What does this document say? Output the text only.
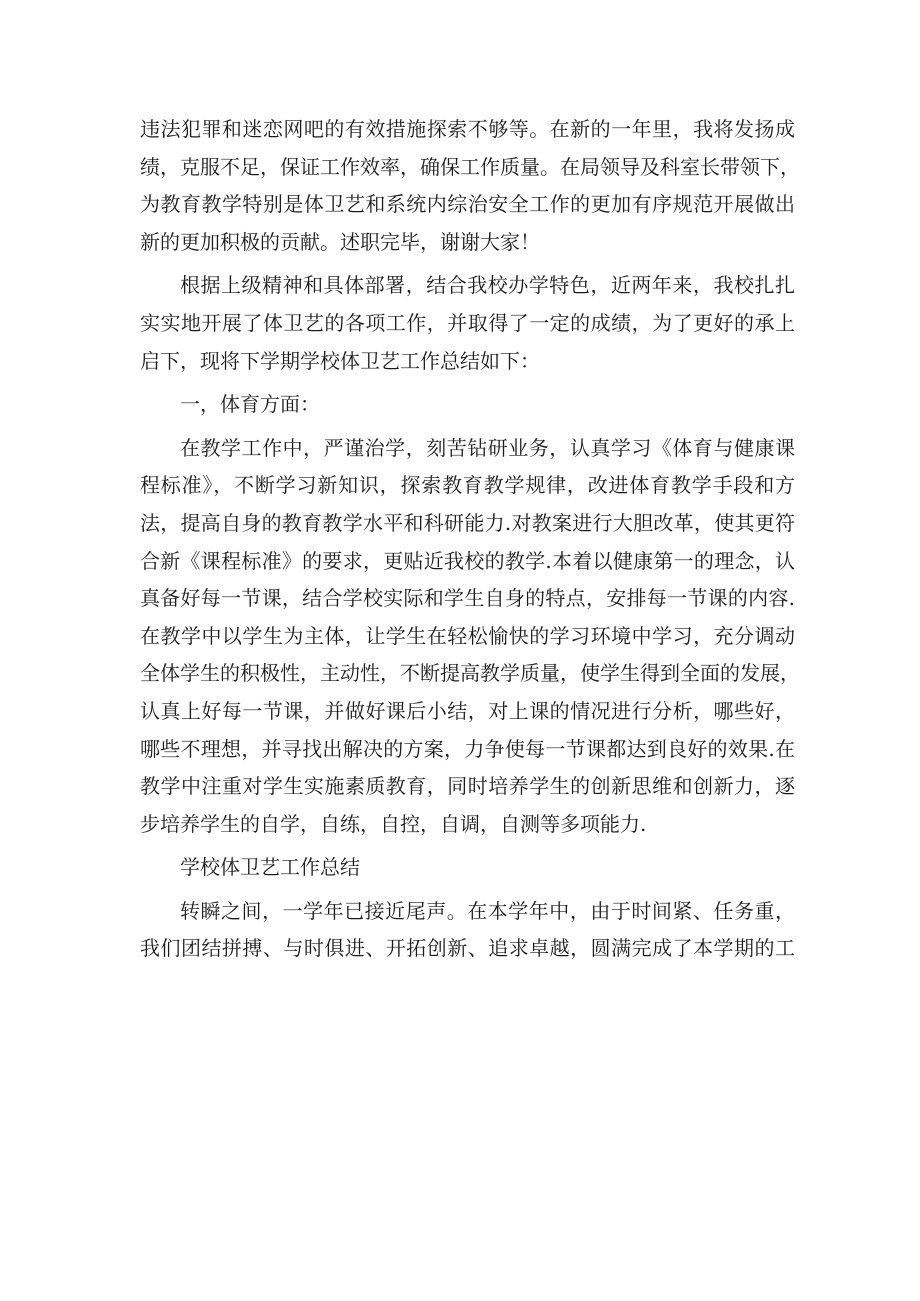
违法犯罪和迷恋网吧的有效措施探索不够等。在新的一年里，我将发扬成
绩，克服不足，保证工作效率，确保工作质量。在局领导及科室长带领下，
为教育教学特别是体卫艺和系统内综治安全工作的更加有序规范开展做出
新的更加积极的贡献。述职完毕，谢谢大家！
根据上级精神和具体部署，结合我校办学特色，近两年来，我校扎扎
实实地开展了体卫艺的各项工作，并取得了一定的成绩，为了更好的承上
启下，现将下学期学校体卫艺工作总结如下：
一，体育方面：
在教学工作中，严谨治学，刻苦钻研业务，认真学习《体育与健康课
程标准》，不断学习新知识，探索教育教学规律，改进体育教学手段和方
法，提高自身的教育教学水平和科研能力.对教案进行大胆改革，使其更符
合新《课程标准》的要求，更贴近我校的教学.本着以健康第一的理念，认
真备好每一节课，结合学校实际和学生自身的特点，安排每一节课的内容.
在教学中以学生为主体，让学生在轻松愉快的学习环境中学习，充分调动
全体学生的积极性，主动性，不断提高教学质量，使学生得到全面的发展，
认真上好每一节课，并做好课后小结，对上课的情况进行分析，哪些好，
哪些不理想，并寻找出解决的方案，力争使每一节课都达到良好的效果.在
教学中注重对学生实施素质教育，同时培养学生的创新思维和创新力，逐
步培养学生的自学，自练，自控，自调，自测等多项能力.
学校体卫艺工作总结
转瞬之间，一学年已接近尾声。在本学年中，由于时间紧、任务重，
我们团结拼搏、与时俱进、开拓创新、追求卓越，圆满完成了本学期的工
